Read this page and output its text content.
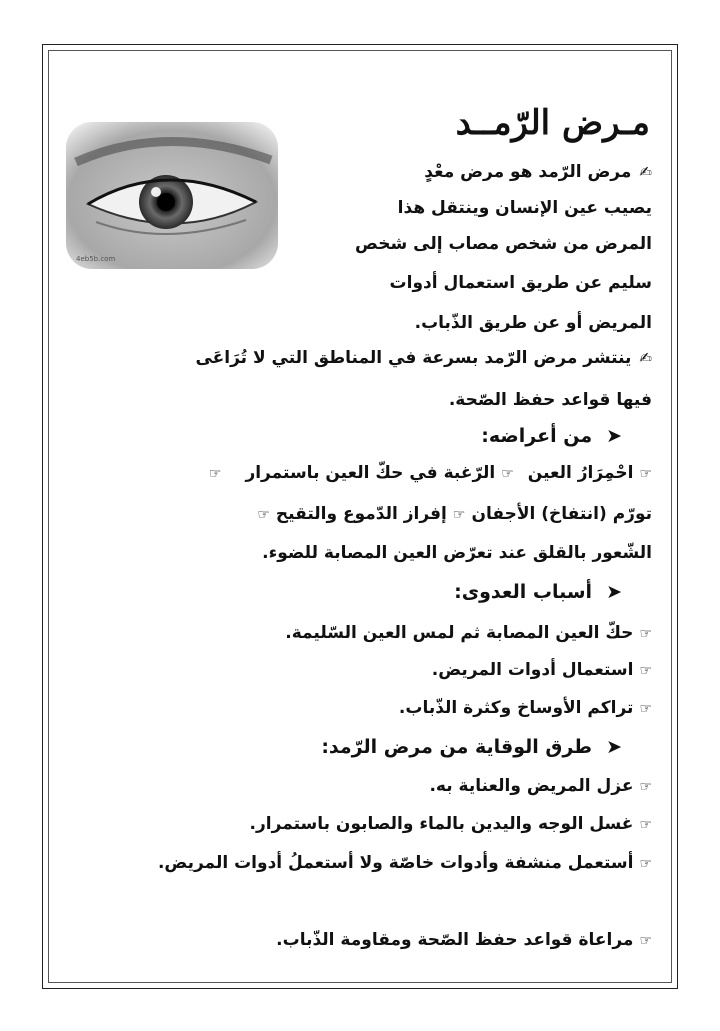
مـرض الرّمــد
4eb5b.com
✍مرض الرّمد هو مرض معْدٍ
يصيب عين الإنسان وينتقل هذا
المرض من شخص مصاب إلى شخص
سليم عن طريق استعمال أدوات
المريض أو عن طريق الذّباب.
✍ينتشر مرض الرّمد بسرعة في المناطق التي لا تُرَاعَى
فيها قواعد حفظ الصّحة.
➤من أعراضه:
☞احْمِرَارُ العين☞الرّغبة في حكّ العين باستمرار☞
تورّم (انتفاخ) الأجفان☞إفراز الدّموع والتقيح☞
الشّعور بالقلق عند تعرّض العين المصابة للضوء.
➤أسباب العدوى:
☞حكّ العين المصابة ثم لمس العين السّليمة.
☞استعمال أدوات المريض.
☞تراكم الأوساخ وكثرة الذّباب.
➤طرق الوقاية من مرض الرّمد:
☞عزل المريض والعناية به.
☞غسل الوجه واليدين بالماء والصابون باستمرار.
☞أستعمل منشفة وأدوات خاصّة ولا أستعملُ أدوات المريض.
☞مراعاة قواعد حفظ الصّحة ومقاومة الذّباب.
